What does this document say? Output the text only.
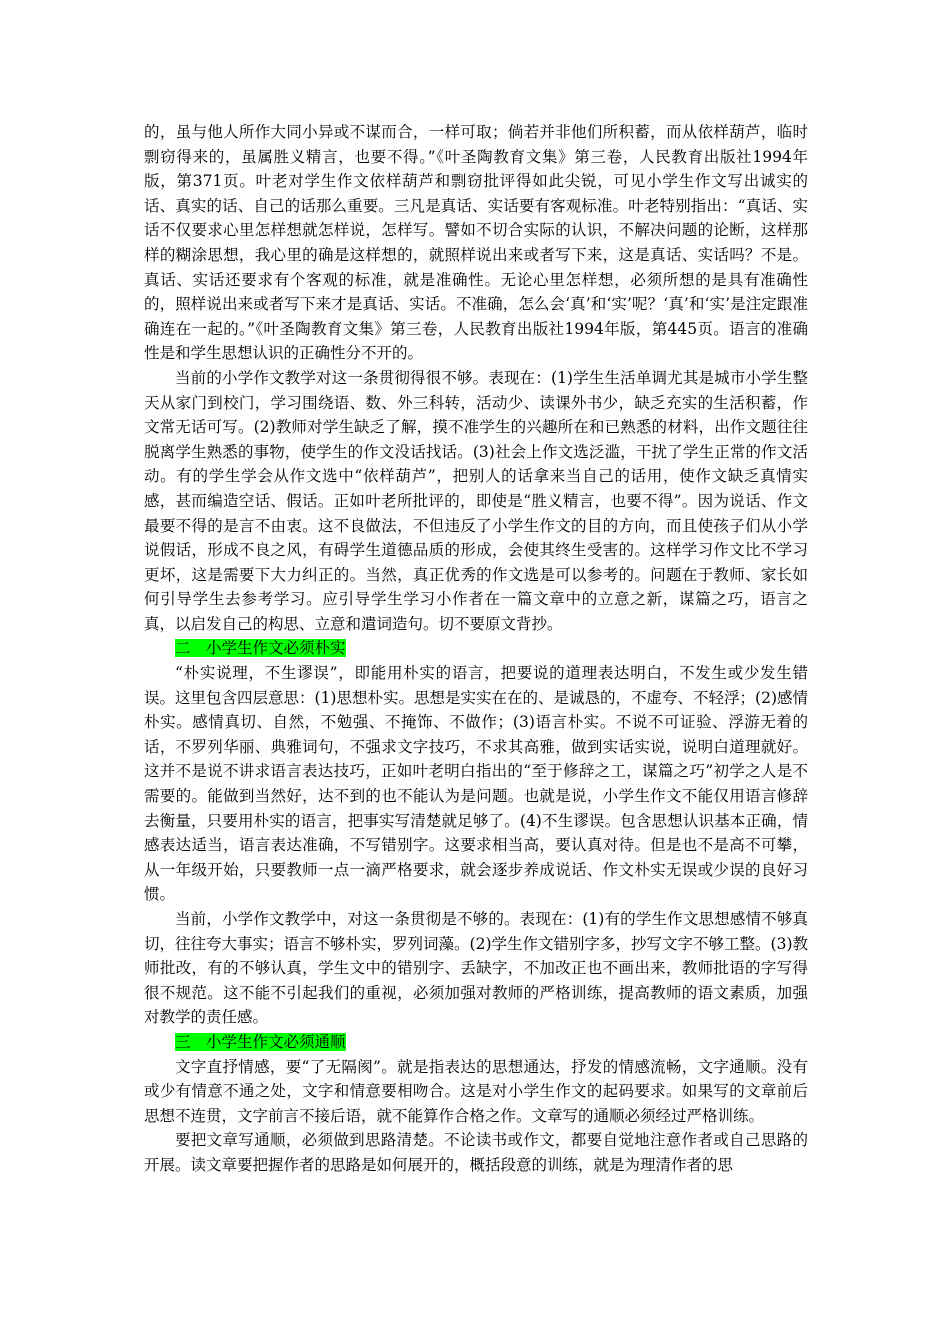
的，虽与他人所作大同小异或不谋而合，一样可取；倘若并非他们所积蓄，而从依样葫芦，临时剽窃得来的，虽属胜义精言，也要不得。”《叶圣陶教育文集》第三卷，人民教育出版社1994年版，第371页。叶老对学生作文依样葫芦和剽窃批评得如此尖锐，可见小学生作文写出诚实的话、真实的话、自己的话那么重要。三凡是真话、实话要有客观标准。叶老特别指出：“真话、实话不仅要求心里怎样想就怎样说，怎样写。譬如不切合实际的认识，不解决问题的论断，这样那样的糊涂思想，我心里的确是这样想的，就照样说出来或者写下来，这是真话、实话吗？不是。真话、实话还要求有个客观的标准，就是准确性。无论心里怎样想，必须所想的是具有准确性的，照样说出来或者写下来才是真话、实话。不准确，怎么会‘真’和‘实’呢？‘真’和‘实’是注定跟准确连在一起的。”《叶圣陶教育文集》第三卷，人民教育出版社1994年版，第445页。语言的准确性是和学生思想认识的正确性分不开的。

当前的小学作文教学对这一条贯彻得很不够。表现在：(1)学生生活单调尤其是城市小学生整天从家门到校门，学习围绕语、数、外三科转，活动少、读课外书少，缺乏充实的生活积蓄，作文常无话可写。(2)教师对学生缺乏了解，摸不准学生的兴趣所在和已熟悉的材料，出作文题往往脱离学生熟悉的事物，使学生的作文没话找话。(3)社会上作文选泛滥，干扰了学生正常的作文活动。有的学生学会从作文选中“依样葫芦”，把别人的话拿来当自己的话用，使作文缺乏真情实感，甚而编造空话、假话。正如叶老所批评的，即使是“胜义精言，也要不得”。因为说话、作文最要不得的是言不由衷。这不良做法，不但违反了小学生作文的目的方向，而且使孩子们从小学说假话，形成不良之风，有碍学生道德品质的形成，会使其终生受害的。这样学习作文比不学习更坏，这是需要下大力纠正的。当然，真正优秀的作文选是可以参考的。问题在于教师、家长如何引导学生去参考学习。应引导学生学习小作者在一篇文章中的立意之新，谋篇之巧，语言之真，以启发自己的构思、立意和遣词造句。切不要原文背抄。

二　小学生作文必须朴实

“朴实说理，不生谬误”，即能用朴实的语言，把要说的道理表达明白，不发生或少发生错误。这里包含四层意思：(1)思想朴实。思想是实实在在的、是诚恳的，不虚夸、不轻浮；(2)感情朴实。感情真切、自然，不勉强、不掩饰、不做作；(3)语言朴实。不说不可证验、浮游无着的话，不罗列华丽、典雅词句，不强求文字技巧，不求其高雅，做到实话实说，说明白道理就好。这并不是说不讲求语言表达技巧，正如叶老明白指出的“至于修辞之工，谋篇之巧”初学之人是不需要的。能做到当然好，达不到的也不能认为是问题。也就是说，小学生作文不能仅用语言修辞去衡量，只要用朴实的语言，把事实写清楚就足够了。(4)不生谬误。包含思想认识基本正确，情感表达适当，语言表达准确，不写错别字。这要求相当高，要认真对待。但是也不是高不可攀，从一年级开始，只要教师一点一滴严格要求，就会逐步养成说话、作文朴实无误或少误的良好习惯。

当前，小学作文教学中，对这一条贯彻是不够的。表现在：(1)有的学生作文思想感情不够真切，往往夸大事实；语言不够朴实，罗列词藻。(2)学生作文错别字多，抄写文字不够工整。(3)教师批改，有的不够认真，学生文中的错别字、丢缺字，不加改正也不画出来，教师批语的字写得很不规范。这不能不引起我们的重视，必须加强对教师的严格训练，提高教师的语文素质，加强对教学的责任感。

三　小学生作文必须通顺

文字直抒情感，要“了无隔阂”。就是指表达的思想通达，抒发的情感流畅，文字通顺。没有或少有情意不通之处，文字和情意要相吻合。这是对小学生作文的起码要求。如果写的文章前后思想不连贯，文字前言不接后语，就不能算作合格之作。文章写的通顺必须经过严格训练。

要把文章写通顺，必须做到思路清楚。不论读书或作文，都要自觉地注意作者或自己思路的开展。读文章要把握作者的思路是如何展开的，概括段意的训练，就是为理清作者的思
